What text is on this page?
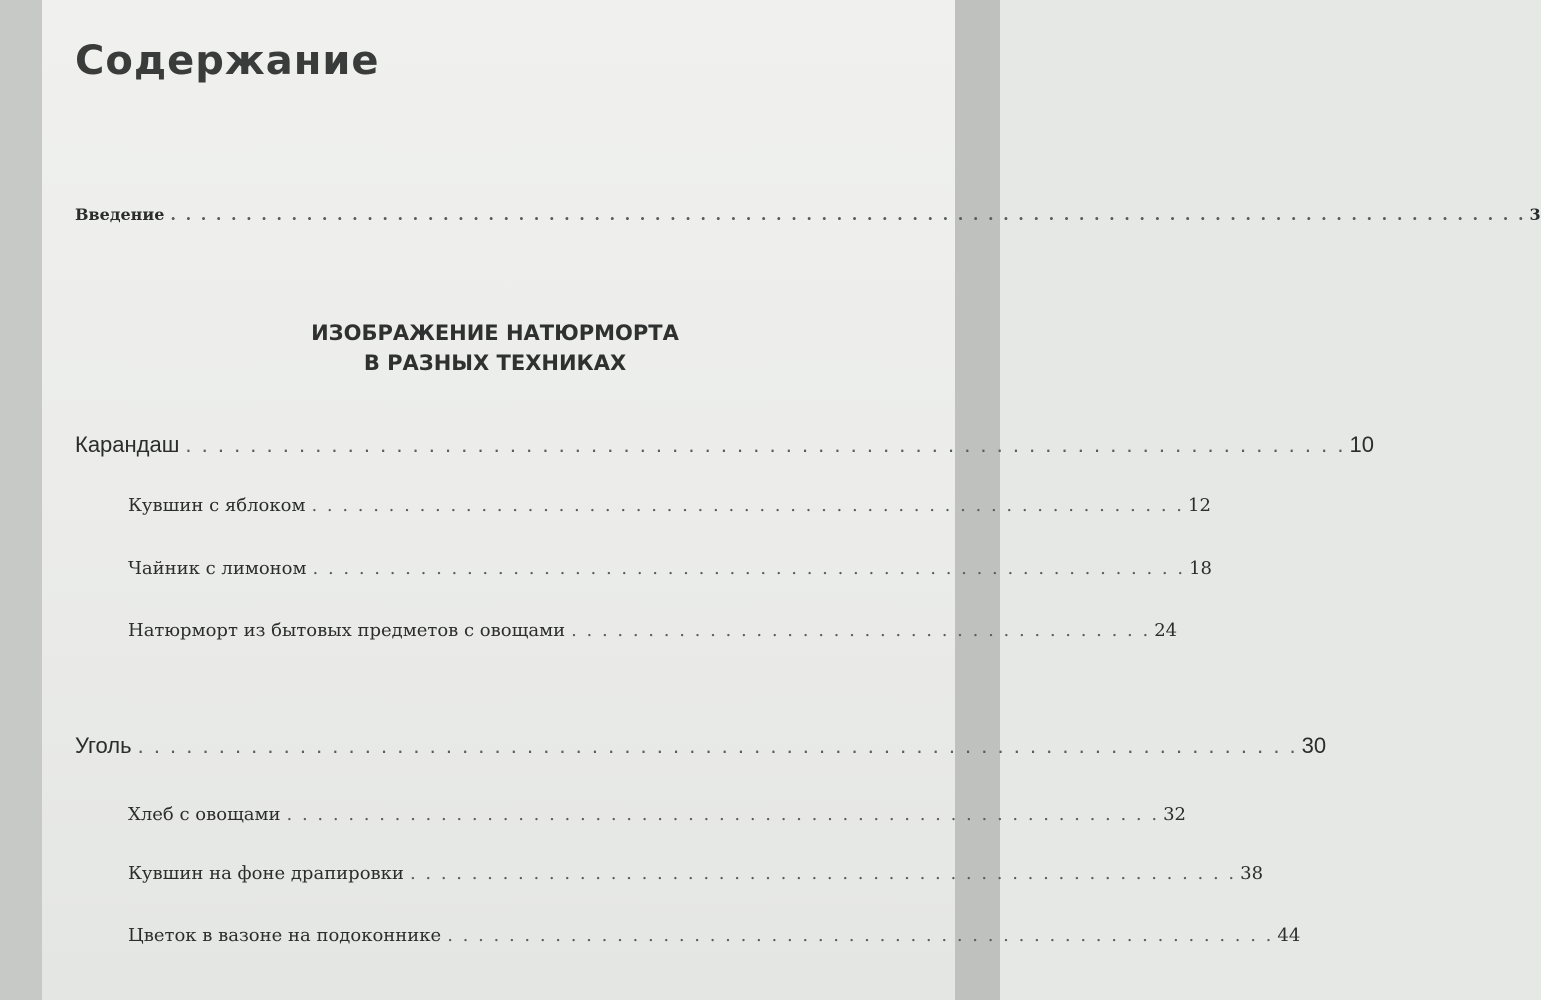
Содержание
Введение . . . . . . . . . . . . . . . . . . . . . . . . . . . . . . . . . . . . . . . . . . . . . . . . . . . . . . . . . . . . . . . . . . . . . . . . . . . . . . . . . . . . . . . . . . 3
ИЗОБРАЖЕНИЕ НАТЮРМОРТА
В РАЗНЫХ ТЕХНИКАХ
Карандаш . . . . . . . . . . . . . . . . . . . . . . . . . . . . . . . . . . . . . . . . . . . . . . . . . . . . . . . . . . . . . . . . . . . . . . . . 10
Кувшин с яблоком . . . . . . . . . . . . . . . . . . . . . . . . . . . . . . . . . . . . . . . . . . . . . . . . . . . . . . . . . 12
Чайник с лимоном . . . . . . . . . . . . . . . . . . . . . . . . . . . . . . . . . . . . . . . . . . . . . . . . . . . . . . . . . 18
Натюрморт из бытовых предметов с овощами . . . . . . . . . . . . . . . . . . . . . . . . . . . . . . . . . . . . . . 24
Уголь . . . . . . . . . . . . . . . . . . . . . . . . . . . . . . . . . . . . . . . . . . . . . . . . . . . . . . . . . . . . . . . . . . . . . . . . 30
Хлеб с овощами . . . . . . . . . . . . . . . . . . . . . . . . . . . . . . . . . . . . . . . . . . . . . . . . . . . . . . . . . 32
Кувшин на фоне драпировки . . . . . . . . . . . . . . . . . . . . . . . . . . . . . . . . . . . . . . . . . . . . . . . . . . . . . . 38
Цветок в вазоне на подоконнике . . . . . . . . . . . . . . . . . . . . . . . . . . . . . . . . . . . . . . . . . . . . . . . . . . . . . . 44
